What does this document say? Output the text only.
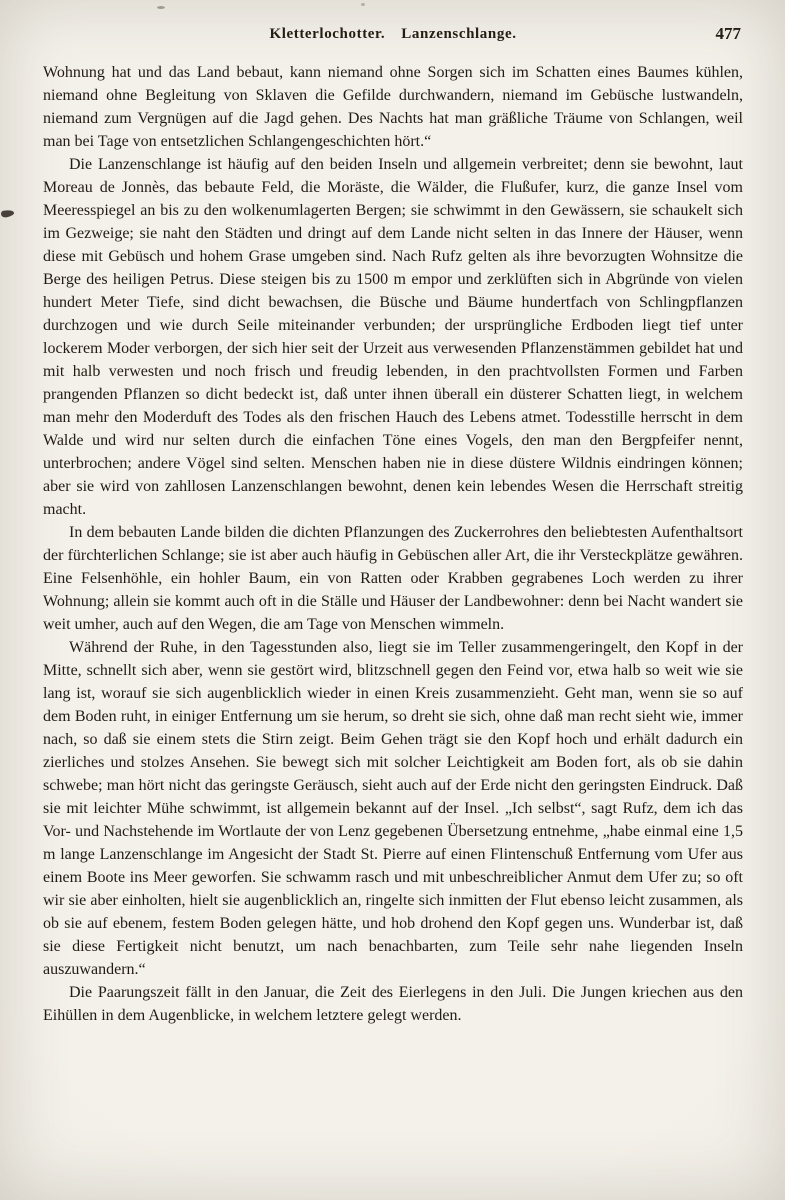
Kletterlochotter. Lanzenschlange.	477

Wohnung hat und das Land bebaut, kann niemand ohne Sorgen sich im Schatten eines Baumes kühlen, niemand ohne Begleitung von Sklaven die Gefilde durchwandern, niemand im Gebüsche lustwandeln, niemand zum Vergnügen auf die Jagd gehen. Des Nachts hat man gräßliche Träume von Schlangen, weil man bei Tage von entsetzlichen Schlangengeschichten hört.“

Die Lanzenschlange ist häufig auf den beiden Inseln und allgemein verbreitet; denn sie bewohnt, laut Moreau de Jonnès, das bebaute Feld, die Moräste, die Wälder, die Flußufer, kurz, die ganze Insel vom Meeresspiegel an bis zu den wolkenumlagerten Bergen; sie schwimmt in den Gewässern, sie schaukelt sich im Gezweige; sie naht den Städten und dringt auf dem Lande nicht selten in das Innere der Häuser, wenn diese mit Gebüsch und hohem Grase umgeben sind. Nach Rufz gelten als ihre bevorzugten Wohnsitze die Berge des heiligen Petrus. Diese steigen bis zu 1500 m empor und zerklüften sich in Abgründe von vielen hundert Meter Tiefe, sind dicht bewachsen, die Büsche und Bäume hundertfach von Schlingpflanzen durchzogen und wie durch Seile miteinander verbunden; der ursprüngliche Erdboden liegt tief unter lockerem Moder verborgen, der sich hier seit der Urzeit aus verwesenden Pflanzenstämmen gebildet hat und mit halb verwesten und noch frisch und freudig lebenden, in den prachtvollsten Formen und Farben prangenden Pflanzen so dicht bedeckt ist, daß unter ihnen überall ein düsterer Schatten liegt, in welchem man mehr den Moderduft des Todes als den frischen Hauch des Lebens atmet. Todesstille herrscht in dem Walde und wird nur selten durch die einfachen Töne eines Vogels, den man den Bergpfeifer nennt, unterbrochen; andere Vögel sind selten. Menschen haben nie in diese düstere Wildnis eindringen können; aber sie wird von zahllosen Lanzenschlangen bewohnt, denen kein lebendes Wesen die Herrschaft streitig macht.

In dem bebauten Lande bilden die dichten Pflanzungen des Zuckerrohres den beliebtesten Aufenthaltsort der fürchterlichen Schlange; sie ist aber auch häufig in Gebüschen aller Art, die ihr Versteckplätze gewähren. Eine Felsenhöhle, ein hohler Baum, ein von Ratten oder Krabben gegrabenes Loch werden zu ihrer Wohnung; allein sie kommt auch oft in die Ställe und Häuser der Landbewohner: denn bei Nacht wandert sie weit umher, auch auf den Wegen, die am Tage von Menschen wimmeln.

Während der Ruhe, in den Tagesstunden also, liegt sie im Teller zusammengeringelt, den Kopf in der Mitte, schnellt sich aber, wenn sie gestört wird, blitzschnell gegen den Feind vor, etwa halb so weit wie sie lang ist, worauf sie sich augenblicklich wieder in einen Kreis zusammenzieht. Geht man, wenn sie so auf dem Boden ruht, in einiger Entfernung um sie herum, so dreht sie sich, ohne daß man recht sieht wie, immer nach, so daß sie einem stets die Stirn zeigt. Beim Gehen trägt sie den Kopf hoch und erhält dadurch ein zierliches und stolzes Ansehen. Sie bewegt sich mit solcher Leichtigkeit am Boden fort, als ob sie dahin schwebe; man hört nicht das geringste Geräusch, sieht auch auf der Erde nicht den geringsten Eindruck. Daß sie mit leichter Mühe schwimmt, ist allgemein bekannt auf der Insel. „Ich selbst“, sagt Rufz, dem ich das Vor- und Nachstehende im Wortlaute der von Lenz gegebenen Übersetzung entnehme, „habe einmal eine 1,5 m lange Lanzenschlange im Angesicht der Stadt St. Pierre auf einen Flintenschuß Entfernung vom Ufer aus einem Boote ins Meer geworfen. Sie schwamm rasch und mit unbeschreiblicher Anmut dem Ufer zu; so oft wir sie aber einholten, hielt sie augenblicklich an, ringelte sich inmitten der Flut ebenso leicht zusammen, als ob sie auf ebenem, festem Boden gelegen hätte, und hob drohend den Kopf gegen uns. Wunderbar ist, daß sie diese Fertigkeit nicht benutzt, um nach benachbarten, zum Teile sehr nahe liegenden Inseln auszuwandern.“

Die Paarungszeit fällt in den Januar, die Zeit des Eierlegens in den Juli. Die Jungen kriechen aus den Eihüllen in dem Augenblicke, in welchem letztere gelegt werden.
